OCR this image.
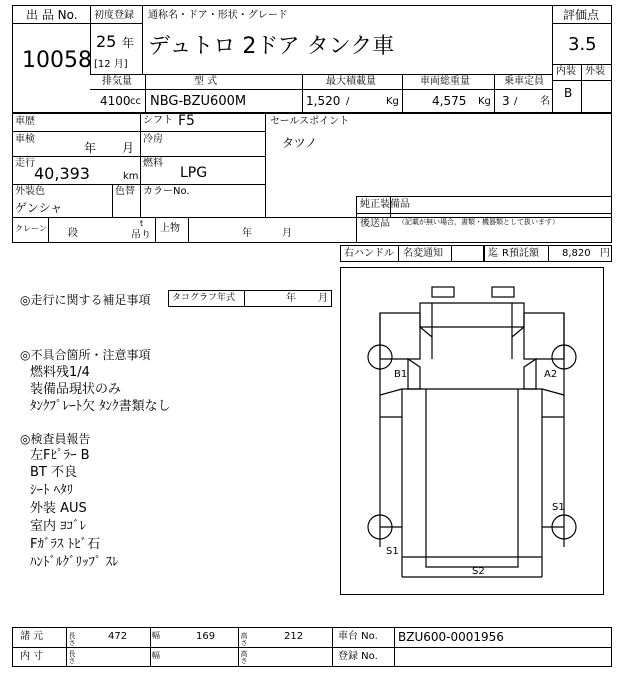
出 品 No.
10058
初度登録
25 年
[12 月]
通称名・ドア・形状・グレード
デュトロ 2ドア タンク車
評価点
3.5
内装 外装
B
排気量
4100 cc
型 式
NBG-BZU600M
最大積載量
1,520 /	Kg
車両総重量
4,575 Kg
乗車定員
3 / 名
車歴	シフト F5
車検
年 月
冷房
走行
40,393	km
燃料
LPG
外装色
ゲンシャ
色替 カラーNo.
セールスポイント
タツノ
純正装備品
後送品 （記載が無い場合，書類・機器類として扱います）
クレーン 段
t
吊り
上物	年	月
右ハンドル 名変通知	迄 R預託額 8,820 円
◎走行に関する補足事項 タコグラフ年式	年 月
◎不具合箇所・注意事項
燃料残1/4
装備品現状のみ
ﾀﾝｸﾌﾟﾚｰﾄ欠 ﾀﾝｸ書類なし
◎検査員報告
左Fﾋﾟﾗｰ B
BT 不良
ｼｰﾄ ﾍﾀﾘ
外装 AUS
室内 ﾖｺﾞﾚ
Fｶﾞﾗｽ ﾄﾋﾞ石
ﾊﾝﾄﾞﾙｸﾞﾘｯﾌﾟ ｽﾚ
B1	A2
S1
S1
S2
諸 元	長さ	472	幅	169	高さ	212	車台 No. BZU600-0001956
内 寸	長さ	幅	高さ	登録 No.
